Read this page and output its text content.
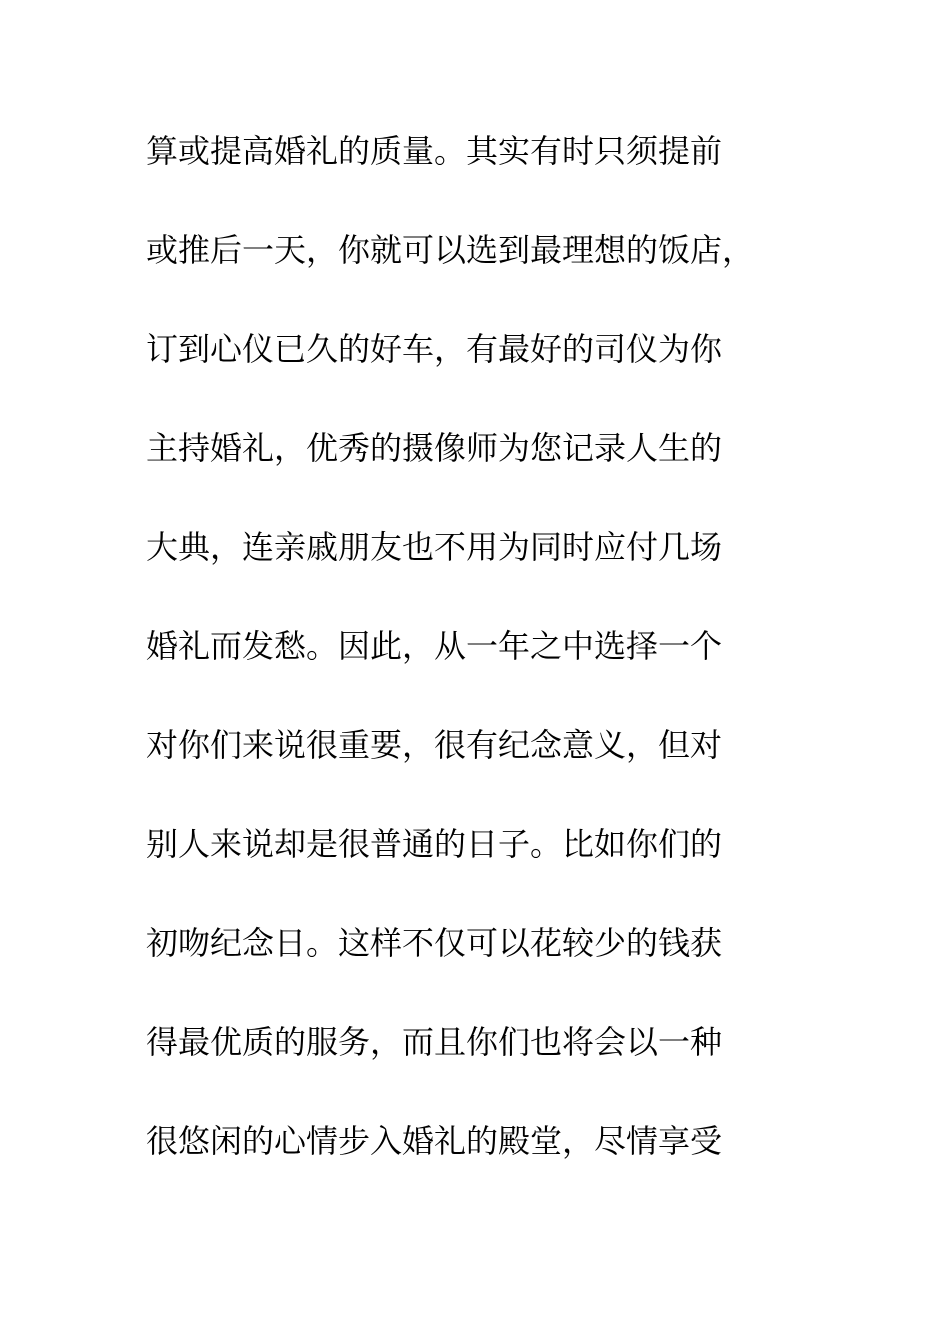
算或提高婚礼的质量。其实有时只须提前
或推后一天，你就可以选到最理想的饭店，
订到心仪已久的好车，有最好的司仪为你
主持婚礼，优秀的摄像师为您记录人生的
大典，连亲戚朋友也不用为同时应付几场
婚礼而发愁。因此，从一年之中选择一个
对你们来说很重要，很有纪念意义，但对
别人来说却是很普通的日子。比如你们的
初吻纪念日。这样不仅可以花较少的钱获
得最优质的服务，而且你们也将会以一种
很悠闲的心情步入婚礼的殿堂，尽情享受
